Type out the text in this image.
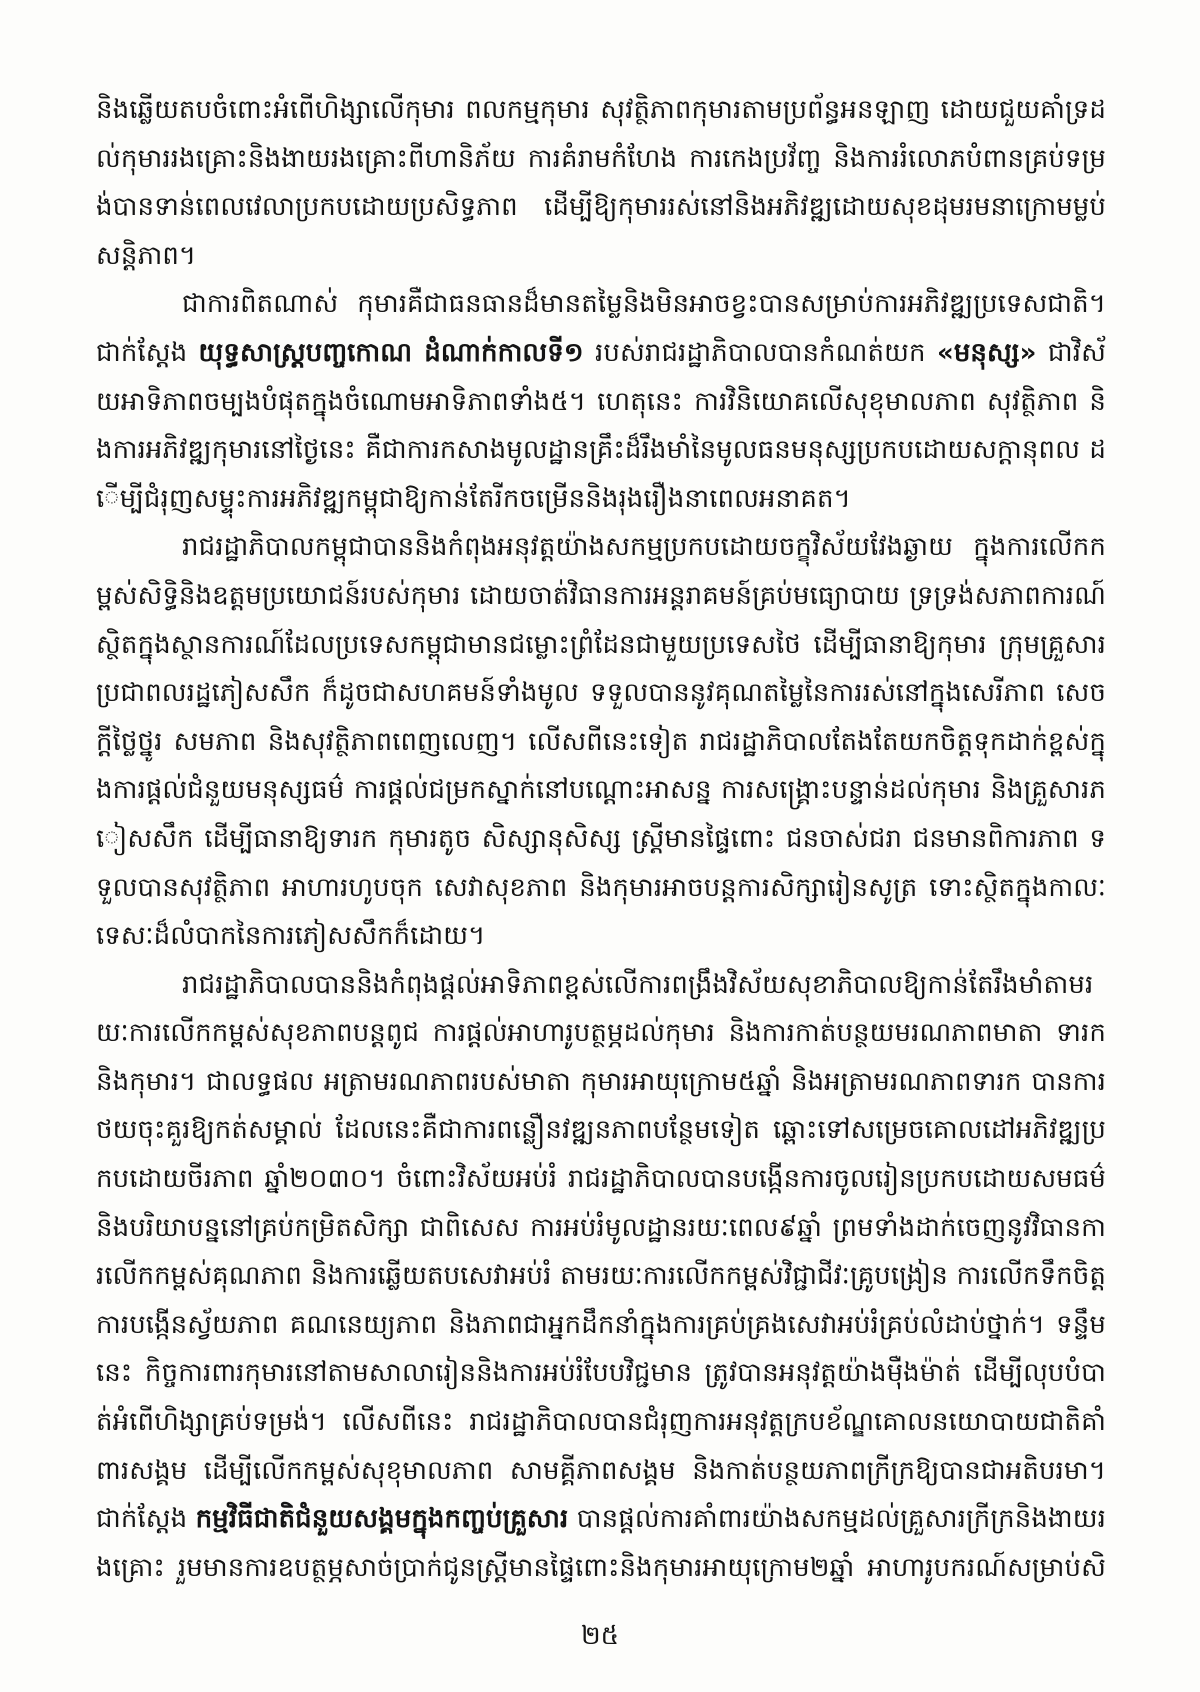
និងឆ្លើយតបចំពោះអំពើហិង្សាលើកុមារ ពលកម្មកុមារ សុវត្ថិភាពកុមារតាមប្រព័ន្ធអនឡាញ ដោយជួយគាំទ្រដល់កុមាររងគ្រោះនិងងាយរងគ្រោះពីហានិភ័យ ការគំរាមកំហែង ការកេងប្រវ័ញ្ច និងការរំលោភបំពានគ្រប់ទម្រង់បានទាន់ពេលវេលាប្រកបដោយប្រសិទ្ធភាព ដើម្បីឱ្យកុមាររស់នៅនិងអភិវឌ្ឍដោយសុខដុមរមនាក្រោមម្លប់សន្តិភាព។

ជាការពិតណាស់ កុមារគឺជាធនធានដ៏មានតម្លៃនិងមិនអាចខ្វះបានសម្រាប់ការអភិវឌ្ឍប្រទេសជាតិ។ ជាក់ស្តែង យុទ្ធសាស្ត្របញ្ចកោណ ដំណាក់កាលទី១ របស់រាជរដ្ឋាភិបាលបានកំណត់យក «មនុស្ស» ជាវិស័យអាទិភាពចម្បងបំផុតក្នុងចំណោមអាទិភាពទាំង៥។ ហេតុនេះ ការវិនិយោគលើសុខុមាលភាព សុវត្ថិភាព និងការអភិវឌ្ឍកុមារនៅថ្ងៃនេះ គឺជាការកសាងមូលដ្ឋានគ្រឹះដ៏រឹងមាំនៃមូលធនមនុស្សប្រកបដោយសក្តានុពល ដើម្បីជំរុញសម្ទុះការអភិវឌ្ឍកម្ពុជាឱ្យកាន់តែរីកចម្រើននិងរុងរឿងនាពេលអនាគត។

រាជរដ្ឋាភិបាលកម្ពុជាបាននិងកំពុងអនុវត្តយ៉ាងសកម្មប្រកបដោយចក្ខុវិស័យវែងឆ្ងាយ ក្នុងការលើកកម្ពស់សិទ្ធិនិងឧត្តមប្រយោជន៍របស់កុមារ ដោយចាត់វិធានការអន្តរាគមន៍គ្រប់មធ្យោបាយ ទ្រទ្រង់សភាពការណ៍ស្ថិតក្នុងស្ថានការណ៍ដែលប្រទេសកម្ពុជាមានជម្លោះព្រំដែនជាមួយប្រទេសថៃ ដើម្បីធានាឱ្យកុមារ ក្រុមគ្រួសារ ប្រជាពលរដ្ឋភៀសសឹក ក៏ដូចជាសហគមន៍ទាំងមូល ទទួលបាននូវគុណតម្លៃនៃការរស់នៅក្នុងសេរីភាព សេចក្តីថ្លៃថ្នូរ សមភាព និងសុវត្ថិភាពពេញលេញ។ លើសពីនេះទៀត រាជរដ្ឋាភិបាលតែងតែយកចិត្តទុកដាក់ខ្ពស់ក្នុងការផ្តល់ជំនួយមនុស្សធម៌ ការផ្តល់ជម្រកស្នាក់នៅបណ្តោះអាសន្ន ការសង្គ្រោះបន្ទាន់ដល់កុមារ និងគ្រួសារភៀសសឹក ដើម្បីធានាឱ្យទារក កុមារតូច សិស្សានុសិស្ស ស្ត្រីមានផ្ទៃពោះ ជនចាស់ជរា ជនមានពិការភាព ទទួលបានសុវត្ថិភាព អាហារហូបចុក សេវាសុខភាព និងកុមារអាចបន្តការសិក្សារៀនសូត្រ ទោះស្ថិតក្នុងកាលៈទេសៈដ៏លំបាកនៃការភៀសសឹកក៏ដោយ។

រាជរដ្ឋាភិបាលបាននិងកំពុងផ្តល់អាទិភាពខ្ពស់លើការពង្រឹងវិស័យសុខាភិបាលឱ្យកាន់តែរឹងមាំតាមរយៈការលើកកម្ពស់សុខភាពបន្តពូជ ការផ្តល់អាហារូបត្ថម្ភដល់កុមារ និងការកាត់បន្ថយមរណភាពមាតា ទារក និងកុមារ។ ជាលទ្ធផល អត្រាមរណភាពរបស់មាតា កុមារអាយុក្រោម៥ឆ្នាំ និងអត្រាមរណភាពទារក បានការថយចុះគួរឱ្យកត់សម្គាល់ ដែលនេះគឺជាការពន្លឿនវឌ្ឍនភាពបន្ថែមទៀត ឆ្ពោះទៅសម្រេចគោលដៅអភិវឌ្ឍប្រកបដោយចីរភាព ឆ្នាំ២០៣០។ ចំពោះវិស័យអប់រំ រាជរដ្ឋាភិបាលបានបង្កើនការចូលរៀនប្រកបដោយសមធម៌និងបរិយាបន្ននៅគ្រប់កម្រិតសិក្សា ជាពិសេស ការអប់រំមូលដ្ឋានរយៈពេល៩ឆ្នាំ ព្រមទាំងដាក់ចេញនូវវិធានការលើកកម្ពស់គុណភាព និងការឆ្លើយតបសេវាអប់រំ តាមរយៈការលើកកម្ពស់វិជ្ជាជីវៈគ្រូបង្រៀន ការលើកទឹកចិត្ត ការបង្កើនស្វ័យភាព គណនេយ្យភាព និងភាពជាអ្នកដឹកនាំក្នុងការគ្រប់គ្រងសេវាអប់រំគ្រប់លំដាប់ថ្នាក់។ ទន្ទឹមនេះ កិច្ចការពារកុមារនៅតាមសាលារៀននិងការអប់រំបែបវិជ្ជមាន ត្រូវបានអនុវត្តយ៉ាងម៉ឺងម៉ាត់ ដើម្បីលុបបំបាត់អំពើហិង្សាគ្រប់ទម្រង់។ លើសពីនេះ រាជរដ្ឋាភិបាលបានជំរុញការអនុវត្តក្របខ័ណ្ឌគោលនយោបាយជាតិគាំពារសង្គម ដើម្បីលើកកម្ពស់សុខុមាលភាព សាមគ្គីភាពសង្គម និងកាត់បន្ថយភាពក្រីក្រឱ្យបានជាអតិបរមា។ ជាក់ស្តែង កម្មវិធីជាតិជំនួយសង្គមក្នុងកញ្ចប់គ្រួសារ បានផ្តល់ការគាំពារយ៉ាងសកម្មដល់គ្រួសារក្រីក្រនិងងាយរងគ្រោះ រួមមានការឧបត្ថម្ភសាច់ប្រាក់ជូនស្ត្រីមានផ្ទៃពោះនិងកុមារអាយុក្រោម២ឆ្នាំ អាហារូបករណ៍សម្រាប់សិ

២៥
